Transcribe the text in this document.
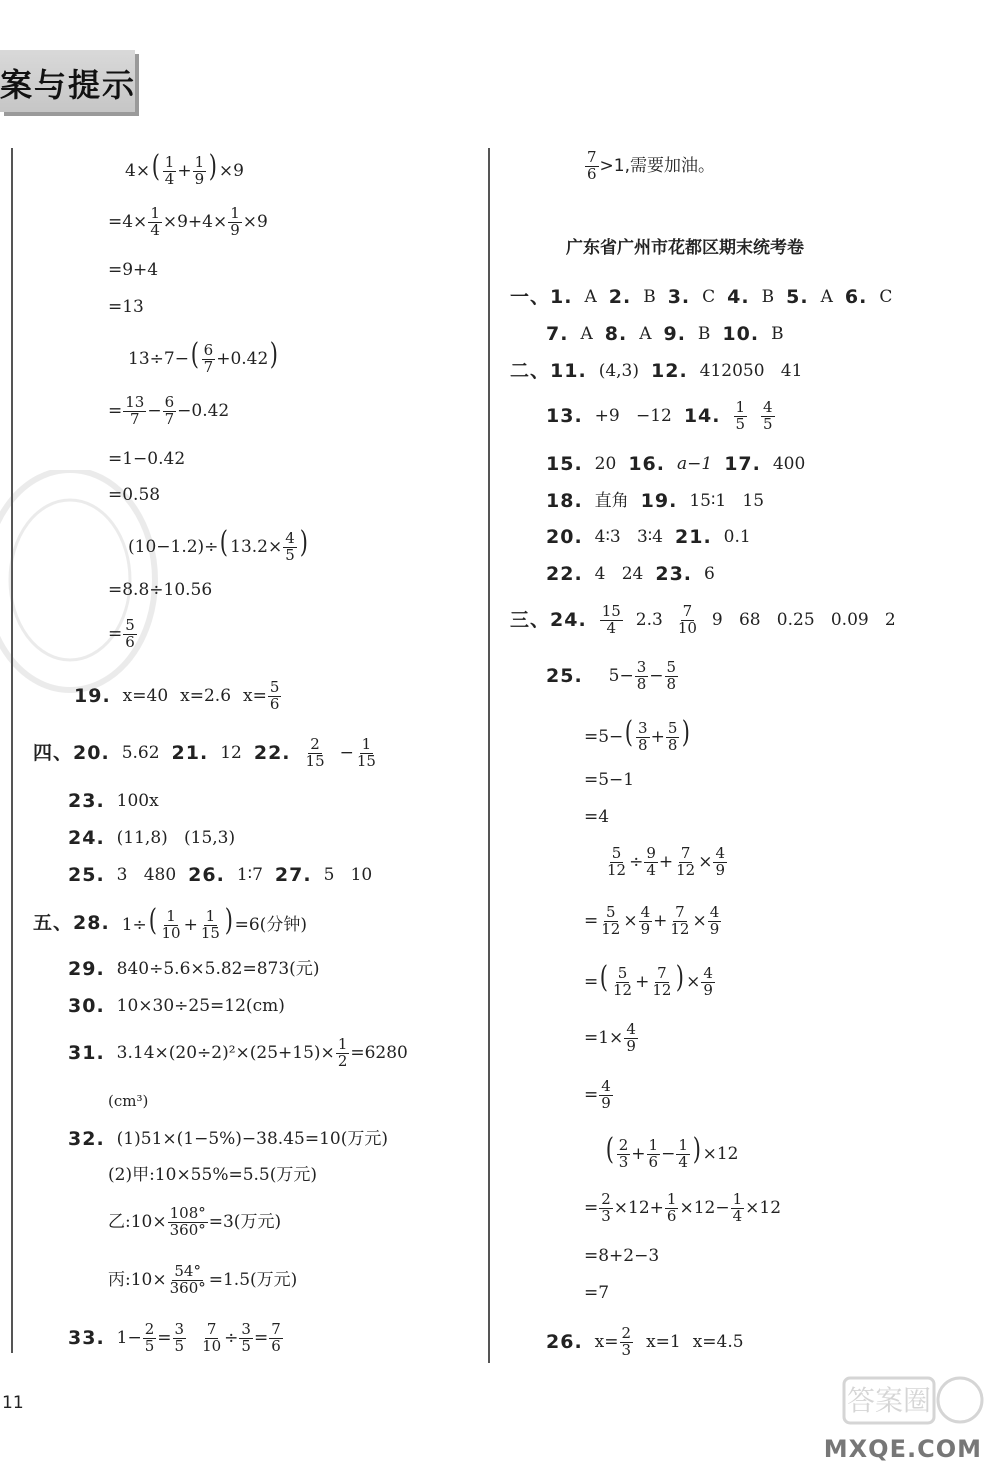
案与提示
$4\times( \frac{1}{4} + \frac{1}{9}$ ) ×9
$=4\times \frac{1}{4} \times 9+4\times \frac{1}{9} \times 9$
=9+4
=13
$13\div 7-( \frac{6}{7} +0.42)$
= $\frac{13}{7} - \frac{6}{7} -0.42$
=1−0.42
=0.58
(10−1.2)÷( $13.2\times \frac{4}{5}$ )
=8.8÷10.56
= $\frac{5}{6}$
19. x=40 x=2.6 $x= \frac{5}{6}$
四、20. 5.62 21. 12 22. $\frac{2}{15} - \frac{1}{15}$
23. 100x
24. (11,8)   (15,3)
25. 3   480 26. 1∶7 27. 5   10
五、28. $1\div( \frac{1}{10} + \frac{1}{15}$ ) =6(分钟)
29. 840÷5.6×5.82=873(元)
30. 10×30÷25=12(cm)
31. $3.14\times(20\div 2)^2\times(25+15)\times \frac{1}{2} =6280$
(cm³)
32. (1)51×(1−5%)−38.45=10(万元)
(2)甲:10×55%=5.5(万元)
乙:10× $\frac{108^\circ}{360^\circ} =3$(万元)
丙:10× $\frac{54^\circ}{360^\circ} =1.5$(万元)
33. $1- \frac{2}{5} = \frac{3}{5} \frac{7}{10} \div \frac{3}{5} = \frac{7}{6}$
$\frac{7}{6} >1$,需要加油。
广东省广州市花都区期末统考卷
一、1. A 2. B 3. C 4. B 5. A 6. C
7. A 8. A 9. B 10. B
二、11. (4,3) 12. 412050   41
13. +9   −12 14. $\frac{1}{5} \frac{4}{5}$
15. 20 16. a−1 17. 400
18. 直角 19. 15∶1   15
20. 4∶3   3∶4 21. 0.1
22. 4   24 23. 6
三、24. $\frac{15}{4} 2.3 \frac{7}{10} 9$   68   0.25   0.09   2
25. $5- \frac{3}{8} - \frac{5}{8}$
$=5-( \frac{3}{8} + \frac{5}{8}$ )
=5−1
=4
$\frac{5}{12} \div \frac{9}{4} + \frac{7}{12} \times \frac{4}{9}$
= $\frac{5}{12} \times \frac{4}{9} + \frac{7}{12} \times \frac{4}{9}$
=( $\frac{5}{12} + \frac{7}{12}$ ) × $\frac{4}{9}$
$=1\times \frac{4}{9}$
= $\frac{4}{9}$
( $\frac{2}{3} + \frac{1}{6} - \frac{1}{4}$ ) ×12
= $\frac{2}{3} \times 12+ \frac{1}{6} \times 12- \frac{1}{4} \times 12$
=8+2−3
=7
26. $x= \frac{2}{3} x=1$ x=4.5
11	答案圈
MXQE.COM
